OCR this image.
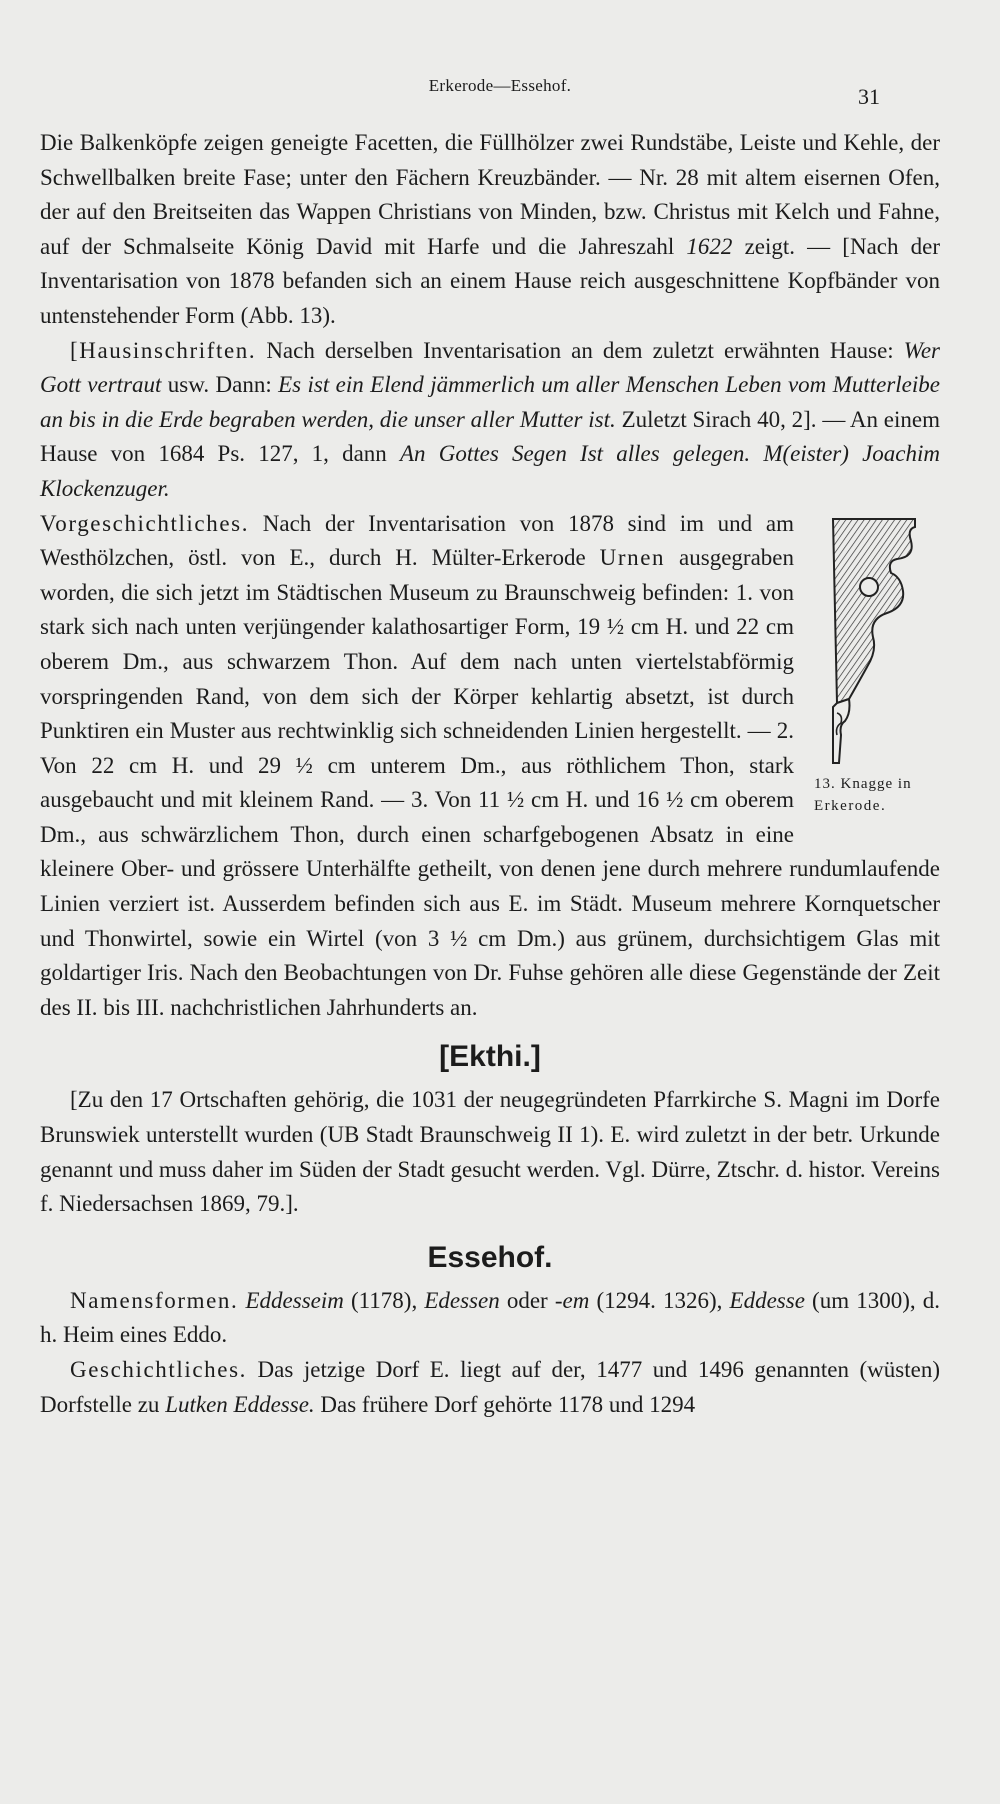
Erkerode—Essehof.	31

Die Balkenköpfe zeigen geneigte Facetten, die Füllhölzer zwei Rundstäbe, Leiste und Kehle, der Schwellbalken breite Fase; unter den Fächern Kreuzbänder. — Nr. 28 mit altem eisernen Ofen, der auf den Breitseiten das Wappen Christians von Minden, bzw. Christus mit Kelch und Fahne, auf der Schmalseite König David mit Harfe und die Jahreszahl 1622 zeigt. — [Nach der Inventarisation von 1878 befanden sich an einem Hause reich ausgeschnittene Kopfbänder von untenstehender Form (Abb. 13).

[Hausinschriften. Nach derselben Inventarisation an dem zuletzt erwähnten Hause: Wer Gott vertraut usw. Dann: Es ist ein Elend jämmerlich um aller Menschen Leben vom Mutterleibe an bis in die Erde begraben werden, die unser aller Mutter ist. Zuletzt Sirach 40, 2]. — An einem Hause von 1684 Ps. 127, 1, dann An Gottes Segen Ist alles gelegen. M(eister) Joachim Klockenzuger.

13. Knagge in
Erkerode.

Vorgeschichtliches. Nach der Inventarisation von 1878 sind im und am Westhölzchen, östl. von E., durch H. Mülter-Erkerode Urnen ausgegraben worden, die sich jetzt im Städtischen Museum zu Braunschweig befinden: 1. von stark sich nach unten verjüngender kalathosartiger Form, 19 ½ cm H. und 22 cm oberem Dm., aus schwarzem Thon. Auf dem nach unten viertelstabförmig vorspringenden Rand, von dem sich der Körper kehlartig absetzt, ist durch Punktiren ein Muster aus rechtwinklig sich schneidenden Linien hergestellt. — 2. Von 22 cm H. und 29 ½ cm unterem Dm., aus röthlichem Thon, stark ausgebaucht und mit kleinem Rand. — 3. Von 11 ½ cm H. und 16 ½ cm oberem Dm., aus schwärzlichem Thon, durch einen scharfgebogenen Absatz in eine kleinere Ober- und grössere Unterhälfte getheilt, von denen jene durch mehrere rundumlaufende Linien verziert ist. Ausserdem befinden sich aus E. im Städt. Museum mehrere Kornquetscher und Thonwirtel, sowie ein Wirtel (von 3 ½ cm Dm.) aus grünem, durchsichtigem Glas mit goldartiger Iris. Nach den Beobachtungen von Dr. Fuhse gehören alle diese Gegenstände der Zeit des II. bis III. nachchristlichen Jahrhunderts an.

[Ekthi.]

[Zu den 17 Ortschaften gehörig, die 1031 der neugegründeten Pfarrkirche S. Magni im Dorfe Brunswiek unterstellt wurden (UB Stadt Braunschweig II 1). E. wird zuletzt in der betr. Urkunde genannt und muss daher im Süden der Stadt gesucht werden. Vgl. Dürre, Ztschr. d. histor. Vereins f. Niedersachsen 1869, 79.].

Essehof.

Namensformen. Eddesseim (1178), Edessen oder -em (1294. 1326), Eddesse (um 1300), d. h. Heim eines Eddo.

Geschichtliches. Das jetzige Dorf E. liegt auf der, 1477 und 1496 genannten (wüsten) Dorfstelle zu Lutken Eddesse. Das frühere Dorf gehörte 1178 und 1294
